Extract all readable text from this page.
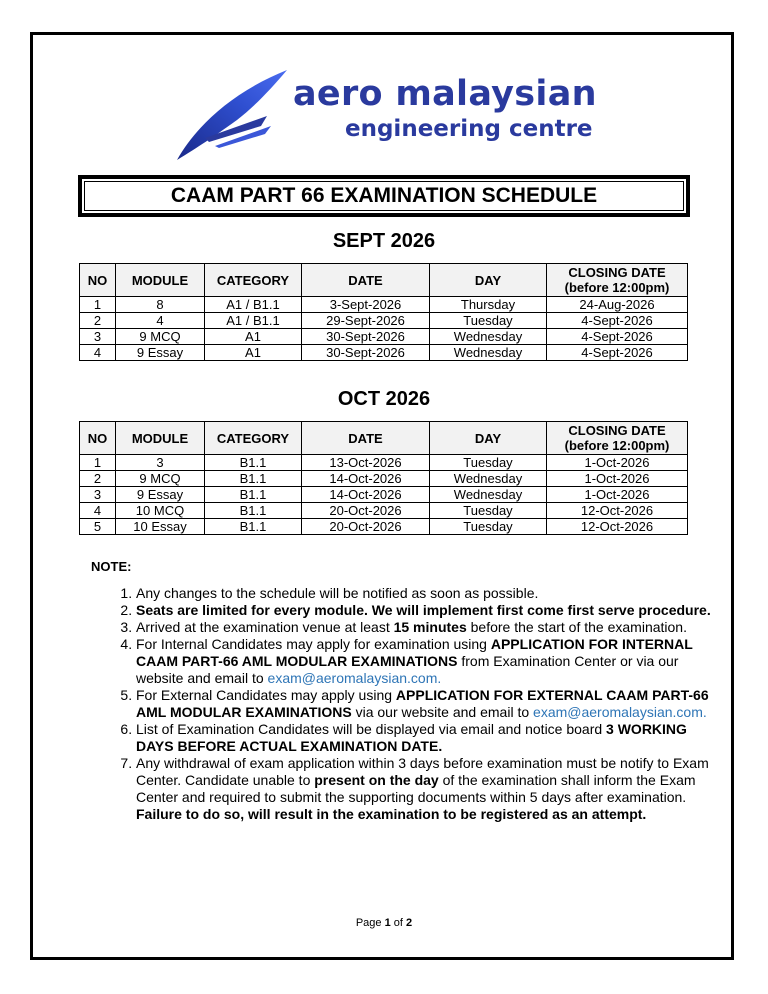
aero malaysian
engineering centre
CAAM PART 66 EXAMINATION SCHEDULE
SEPT 2026
NO	MODULE	CATEGORY	DATE	DAY	CLOSING DATE
(before 12:00pm)
1	8	A1 / B1.1	3-Sept-2026	Thursday	24-Aug-2026
2	4	A1 / B1.1	29-Sept-2026	Tuesday	4-Sept-2026
3	9 MCQ	A1	30-Sept-2026	Wednesday	4-Sept-2026
4	9 Essay	A1	30-Sept-2026	Wednesday	4-Sept-2026
OCT 2026
NO	MODULE	CATEGORY	DATE	DAY	CLOSING DATE
(before 12:00pm)
1	3	B1.1	13-Oct-2026	Tuesday	1-Oct-2026
2	9 MCQ	B1.1	14-Oct-2026	Wednesday	1-Oct-2026
3	9 Essay	B1.1	14-Oct-2026	Wednesday	1-Oct-2026
4	10 MCQ	B1.1	20-Oct-2026	Tuesday	12-Oct-2026
5	10 Essay	B1.1	20-Oct-2026	Tuesday	12-Oct-2026
NOTE:
1. Any changes to the schedule will be notified as soon as possible.
2. Seats are limited for every module. We will implement first come first serve procedure.
3. Arrived at the examination venue at least 15 minutes before the start of the examination.
4. For Internal Candidates may apply for examination using APPLICATION FOR INTERNAL CAAM PART-66 AML MODULAR EXAMINATIONS from Examination Center or via our website and email to exam@aeromalaysian.com.
5. For External Candidates may apply using APPLICATION FOR EXTERNAL CAAM PART-66 AML MODULAR EXAMINATIONS via our website and email to exam@aeromalaysian.com.
6. List of Examination Candidates will be displayed via email and notice board 3 WORKING DAYS BEFORE ACTUAL EXAMINATION DATE.
7. Any withdrawal of exam application within 3 days before examination must be notify to Exam Center. Candidate unable to present on the day of the examination shall inform the Exam Center and required to submit the supporting documents within 5 days after examination. Failure to do so, will result in the examination to be registered as an attempt.
Page 1 of 2
